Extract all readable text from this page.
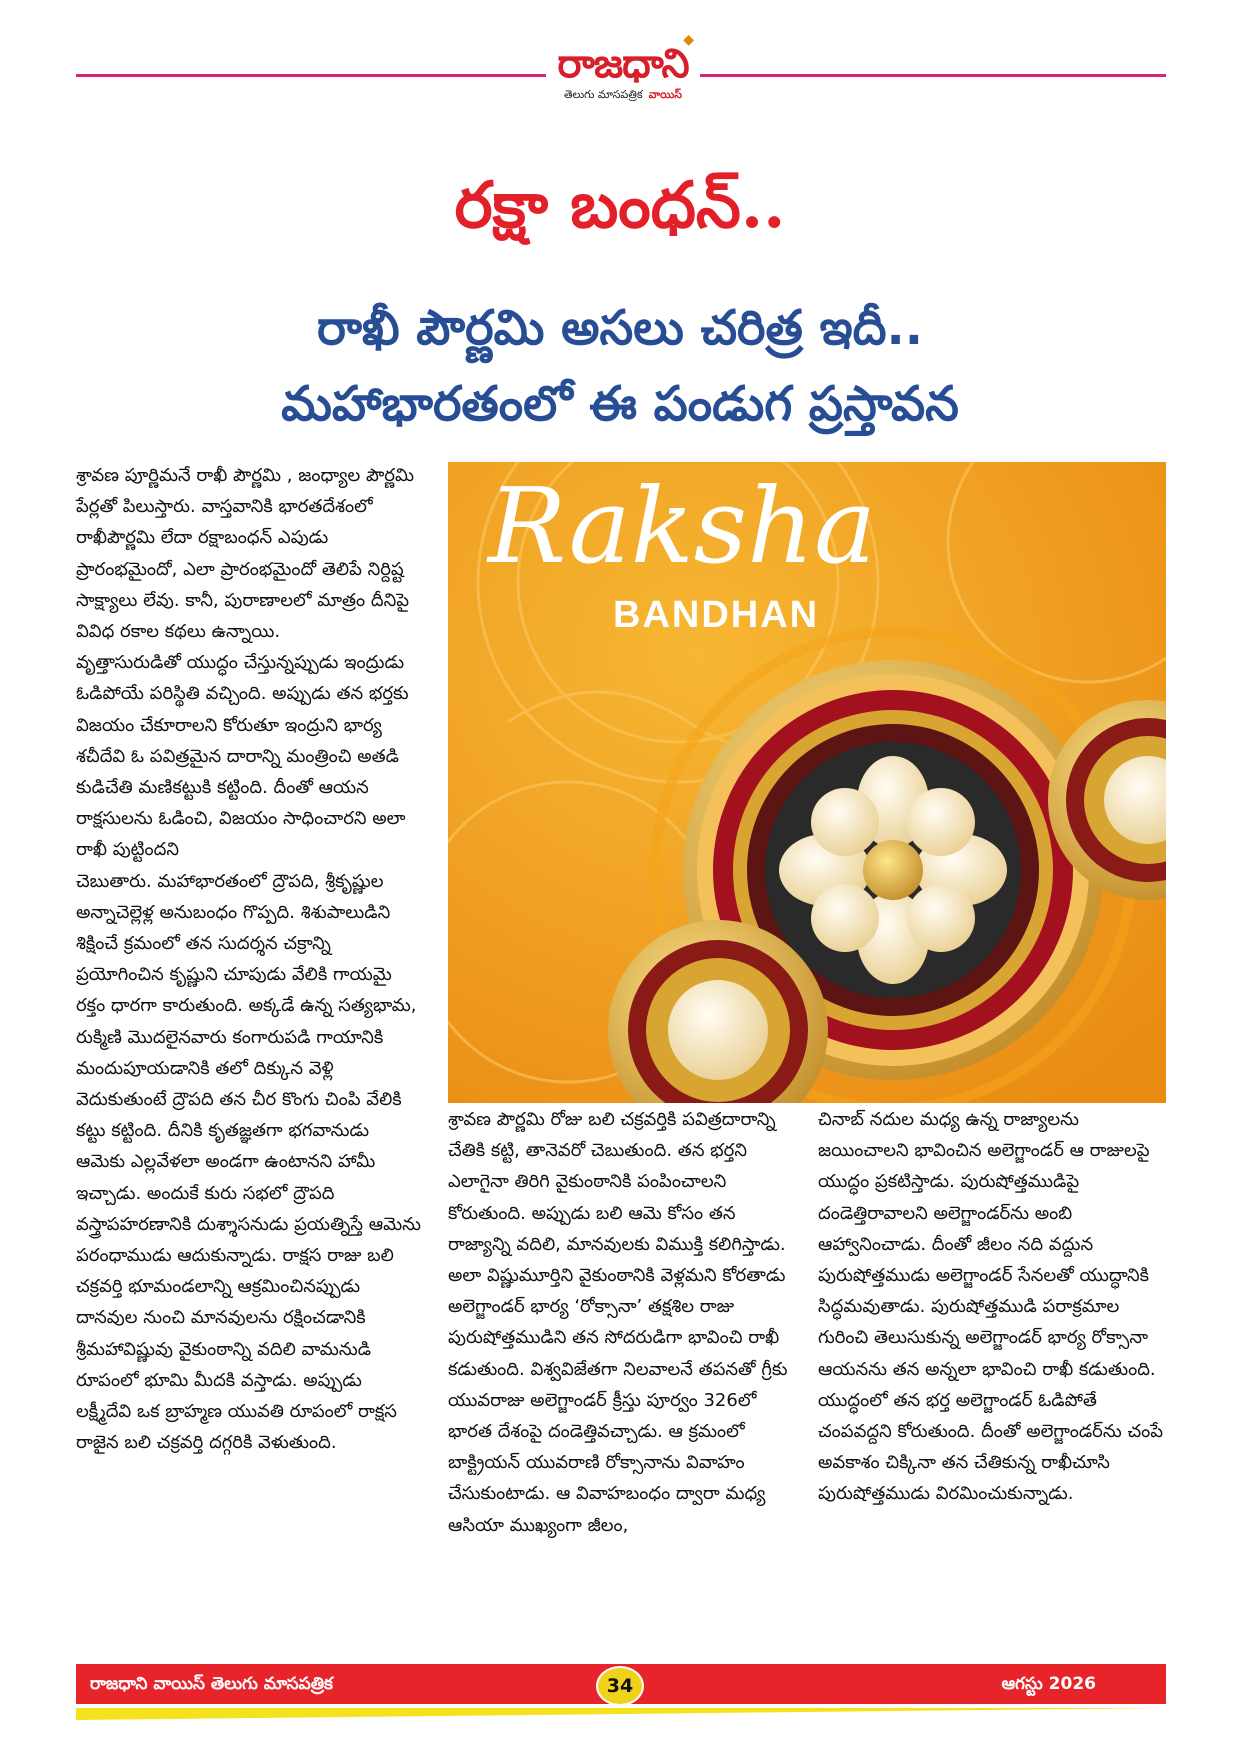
◆
రాజధాని
తెలుగు మాసపత్రిక వాయిస్
రక్షా బంధన్..
రాఖీ పౌర్ణమి అసలు చరిత్ర ఇదీ..
మహాభారతంలో ఈ పండుగ ప్రస్తావన

శ్రావణ పూర్ణిమనే రాఖీ పౌర్ణమి , జంధ్యాల పౌర్ణమి పేర్లతో పిలుస్తారు. వాస్తవానికి భారతదేశంలో రాఖీపౌర్ణమి లేదా రక్షాబంధన్ ఎపుడు ప్రారంభమైందో, ఎలా ప్రారంభమైందో తెలిపే నిర్దిష్ట సాక్ష్యాలు లేవు. కానీ, పురాణాలలో మాత్రం దీనిపై వివిధ రకాల కథలు ఉన్నాయి.

వృత్తాసురుడితో యుద్ధం చేస్తున్నప్పుడు ఇంద్రుడు ఓడిపోయే పరిస్థితి వచ్చింది. అప్పుడు తన భర్తకు విజయం చేకూరాలని కోరుతూ ఇంద్రుని భార్య శచీదేవి ఓ పవిత్రమైన దారాన్ని మంత్రించి అతడి కుడిచేతి మణికట్టుకి కట్టింది. దీంతో ఆయన రాక్షసులను ఓడించి, విజయం సాధించారని అలా రాఖీ పుట్టిందని

చెబుతారు. మహాభారతంలో ద్రౌపది, శ్రీకృష్ణుల అన్నాచెల్లెళ్ల అనుబంధం గొప్పది. శిశుపాలుడిని శిక్షించే క్రమంలో తన సుదర్శన చక్రాన్ని ప్రయోగించిన కృష్ణుని చూపుడు వేలికి గాయమై రక్తం ధారగా కారుతుంది. అక్కడే ఉన్న సత్యభామ, రుక్మిణి మొదలైనవారు కంగారుపడి గాయానికి మందుపూయడానికి తలో దిక్కున వెళ్లి వెదుకుతుంటే ద్రౌపది తన చీర కొంగు చింపి వేలికి కట్టు కట్టింది. దీనికి కృతజ్ఞతగా భగవానుడు ఆమెకు ఎల్లవేళలా అండగా ఉంటానని హామీ ఇచ్చాడు. అందుకే కురు సభలో ద్రౌపది వస్త్రాపహరణానికి దుశ్శాసనుడు ప్రయత్నిస్తే ఆమెను పరంధాముడు ఆదుకున్నాడు. రాక్షస రాజు బలి చక్రవర్తి భూమండలాన్ని ఆక్రమించినప్పుడు దానవుల నుంచి మానవులను రక్షించడానికి శ్రీమహావిష్ణువు వైకుంఠాన్ని వదిలి వామనుడి రూపంలో భూమి మీదకి వస్తాడు. అప్పుడు లక్ష్మీదేవి ఒక బ్రాహ్మణ యువతి రూపంలో రాక్షస రాజైన బలి చక్రవర్తి దగ్గరికి వెళుతుంది.

Raksha
BANDHAN

శ్రావణ పౌర్ణమి రోజు బలి చక్రవర్తికి పవిత్రదారాన్ని చేతికి కట్టి, తానెవరో చెబుతుంది. తన భర్తని ఎలాగైనా తిరిగి వైకుంఠానికి పంపించాలని కోరుతుంది. అప్పుడు బలి ఆమె కోసం తన రాజ్యాన్ని వదిలి, మానవులకు విముక్తి కలిగిస్తాడు. అలా విష్ణుమూర్తిని వైకుంఠానికి వెళ్లమని కోరతాడు అలెగ్జాండర్ భార్య ‘రోక్సానా’ తక్షశిల రాజు పురుషోత్తముడిని తన సోదరుడిగా భావించి రాఖీ కడుతుంది. విశ్వవిజేతగా నిలవాలనే తపనతో గ్రీకు యువరాజు అలెగ్జాండర్ క్రీస్తు పూర్వం 326లో భారత దేశంపై దండెత్తివచ్చాడు. ఆ క్రమంలో బాక్ట్రియన్ యువరాణి రోక్సానాను వివాహం చేసుకుంటాడు. ఆ వివాహబంధం ద్వారా మధ్య ఆసియా ముఖ్యంగా జీలం,

చినాబ్ నదుల మధ్య ఉన్న రాజ్యాలను జయించాలని భావించిన అలెగ్జాండర్ ఆ రాజులపై యుద్ధం ప్రకటిస్తాడు. పురుషోత్తముడిపై దండెత్తిరావాలని అలెగ్జాండర్‌ను అంబి ఆహ్వానించాడు. దీంతో జీలం నది వద్దున పురుషోత్తముడు అలెగ్జాండర్ సేనలతో యుద్ధానికి సిద్ధమవుతాడు. పురుషోత్తముడి పరాక్రమాల గురించి తెలుసుకున్న అలెగ్జాండర్ భార్య రోక్సానా ఆయనను తన అన్నలా భావించి రాఖీ కడుతుంది. యుద్ధంలో తన భర్త అలెగ్జాండర్ ఓడిపోతే చంపవద్దని కోరుతుంది. దీంతో అలెగ్జాండర్‌ను చంపే అవకాశం చిక్కినా తన చేతికున్న రాఖీచూసి పురుషోత్తముడు విరమించుకున్నాడు.

రాజధాని వాయిస్ తెలుగు మాసపత్రిక	ఆగస్టు 2026
34
